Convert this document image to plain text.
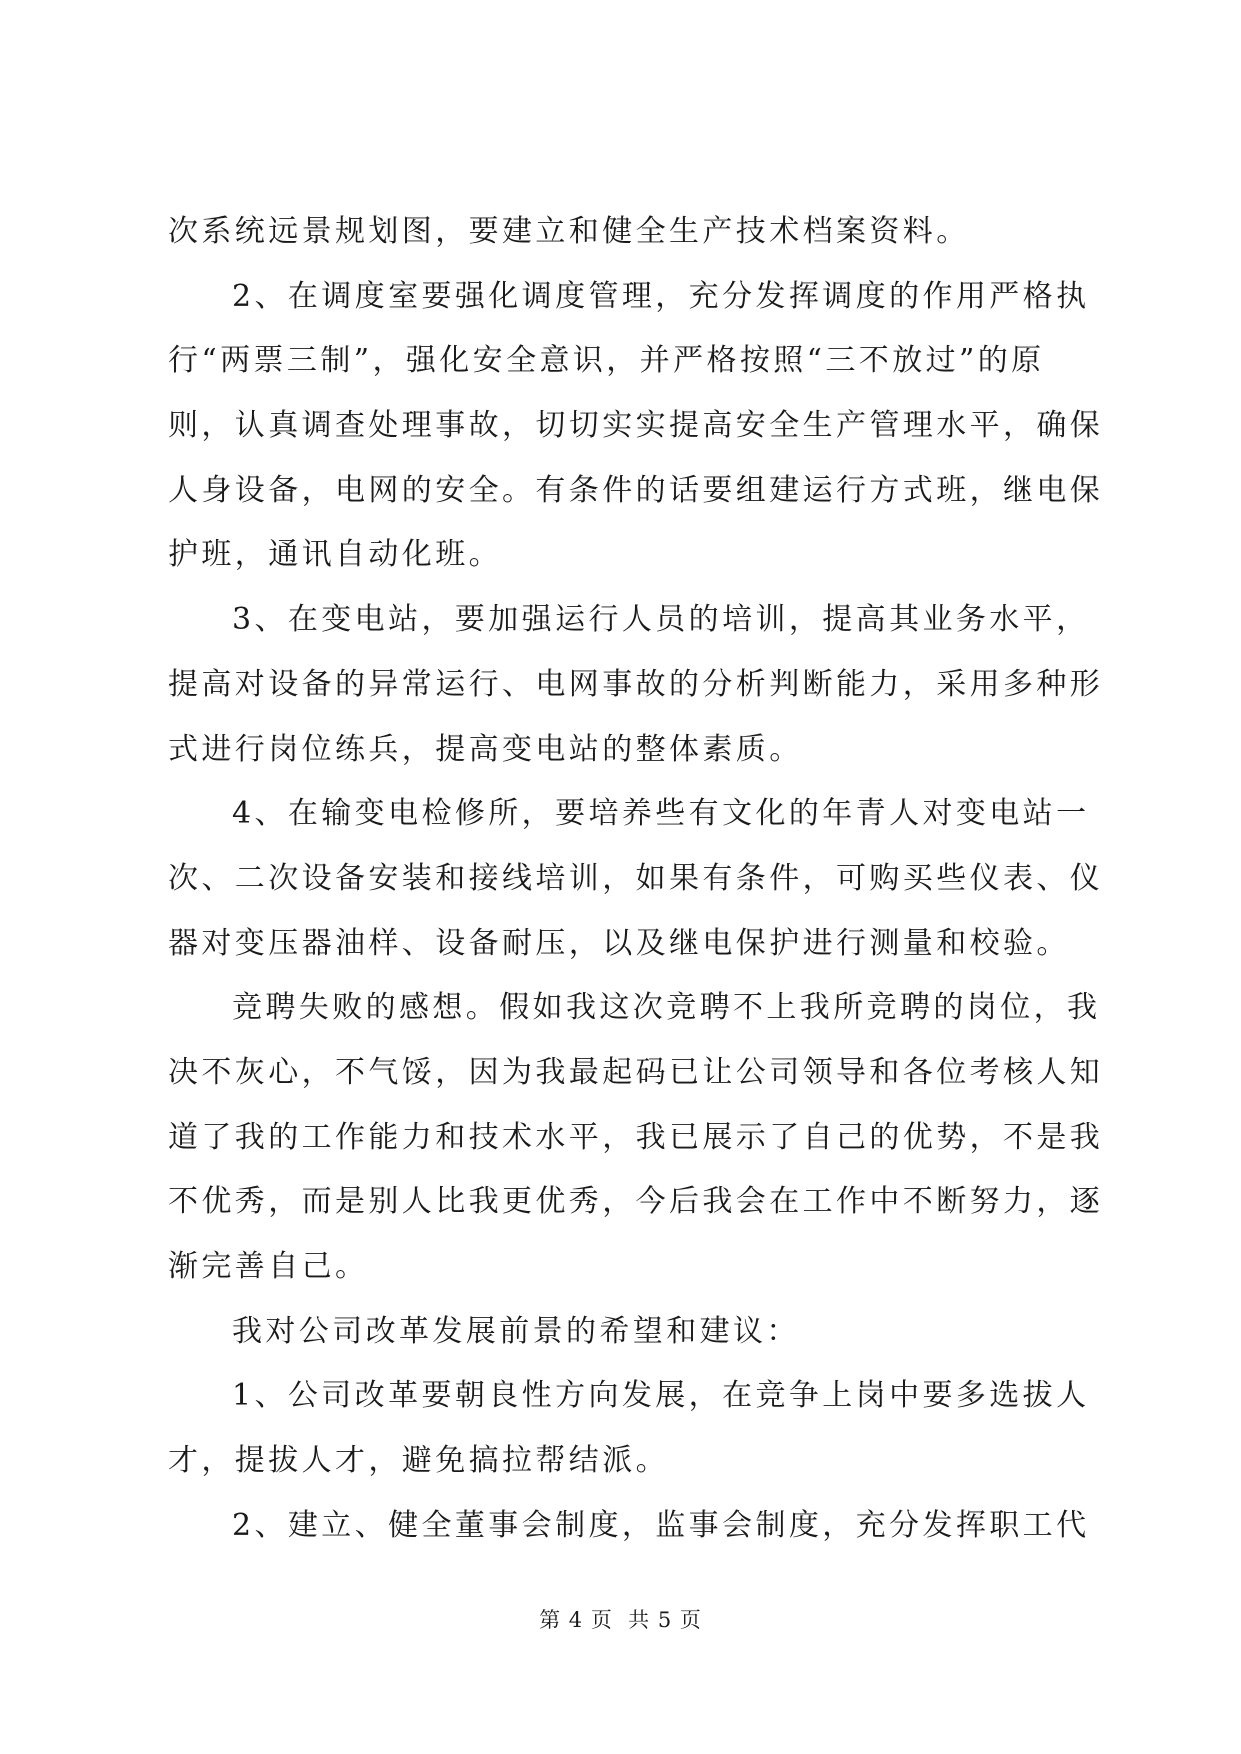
次系统远景规划图，要建立和健全生产技术档案资料。
2、在调度室要强化调度管理，充分发挥调度的作用严格执
行“两票三制”，强化安全意识，并严格按照“三不放过”的原
则，认真调查处理事故，切切实实提高安全生产管理水平，确保
人身设备，电网的安全。有条件的话要组建运行方式班，继电保
护班，通讯自动化班。
3、在变电站，要加强运行人员的培训，提高其业务水平，
提高对设备的异常运行、电网事故的分析判断能力，采用多种形
式进行岗位练兵，提高变电站的整体素质。
4、在输变电检修所，要培养些有文化的年青人对变电站一
次、二次设备安装和接线培训，如果有条件，可购买些仪表、仪
器对变压器油样、设备耐压，以及继电保护进行测量和校验。
竞聘失败的感想。假如我这次竞聘不上我所竞聘的岗位，我
决不灰心，不气馁，因为我最起码已让公司领导和各位考核人知
道了我的工作能力和技术水平，我已展示了自己的优势，不是我
不优秀，而是别人比我更优秀，今后我会在工作中不断努力，逐
渐完善自己。
我对公司改革发展前景的希望和建议：
1、公司改革要朝良性方向发展，在竞争上岗中要多选拔人
才，提拔人才，避免搞拉帮结派。
2、建立、健全董事会制度，监事会制度，充分发挥职工代
第 4 页  共 5 页
